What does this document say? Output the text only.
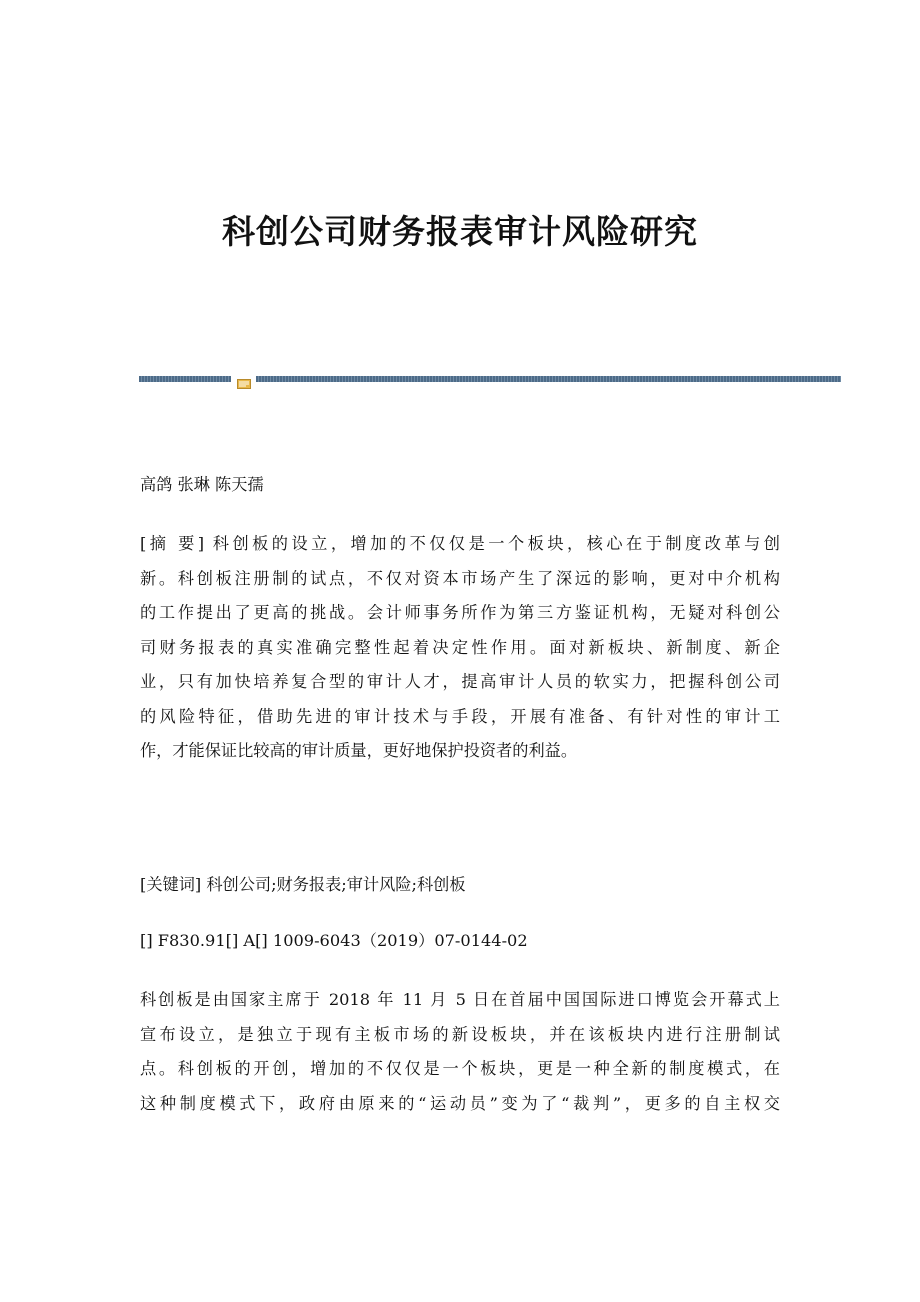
科创公司财务报表审计风险研究
高鸽 张琳 陈天孺
[摘 要] 科创板的设立，增加的不仅仅是一个板块，核心在于制度改革与创
新。科创板注册制的试点，不仅对资本市场产生了深远的影响，更对中介机构
的工作提出了更高的挑战。会计师事务所作为第三方鉴证机构，无疑对科创公
司财务报表的真实准确完整性起着决定性作用。面对新板块、新制度、新企
业，只有加快培养复合型的审计人才，提高审计人员的软实力，把握科创公司
的风险特征，借助先进的审计技术与手段，开展有准备、有针对性的审计工
作，才能保证比较高的审计质量，更好地保护投资者的利益。
[关键词] 科创公司;财务报表;审计风险;科创板
[] F830.91[] A[] 1009-6043（2019）07-0144-02
科创板是由国家主席于 2018 年 11 月 5 日在首届中国国际进口博览会开幕式上
宣布设立，是独立于现有主板市场的新设板块，并在该板块内进行注册制试
点。科创板的开创，增加的不仅仅是一个板块，更是一种全新的制度模式，在
这种制度模式下，政府由原来的“运动员”变为了“裁判”，更多的自主权交
